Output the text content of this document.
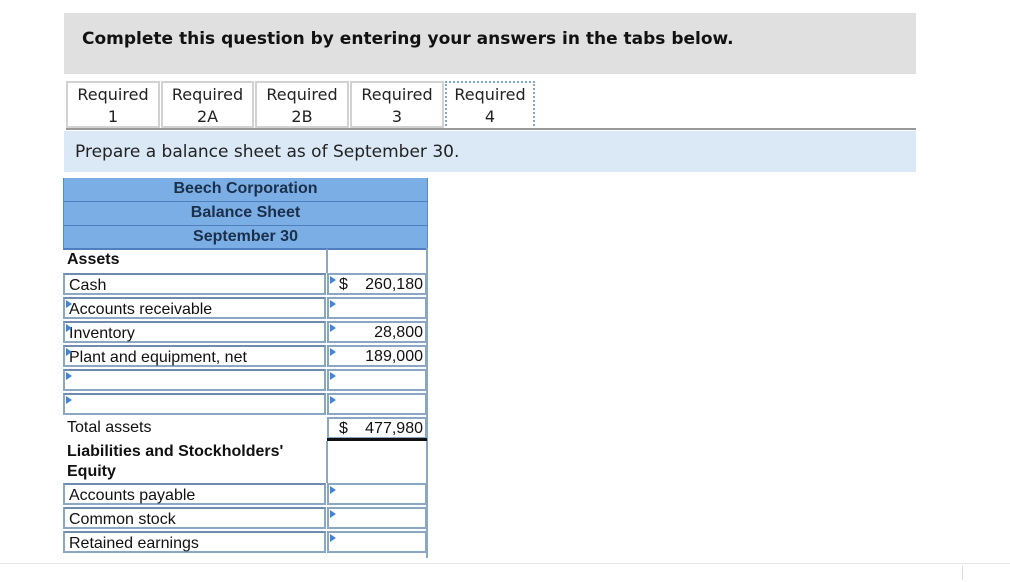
Complete this question by entering your answers in the tabs below.
Required
1
Required
2A
Required
2B
Required
3
Required
4
Prepare a balance sheet as of September 30.
Beech Corporation
Balance Sheet
September 30
Assets
Cash	$ 260,180
Accounts receivable
Inventory	28,800
Plant and equipment, net	189,000
Total assets	$ 477,980
Liabilities and Stockholders'
Equity
Accounts payable
Common stock
Retained earnings
